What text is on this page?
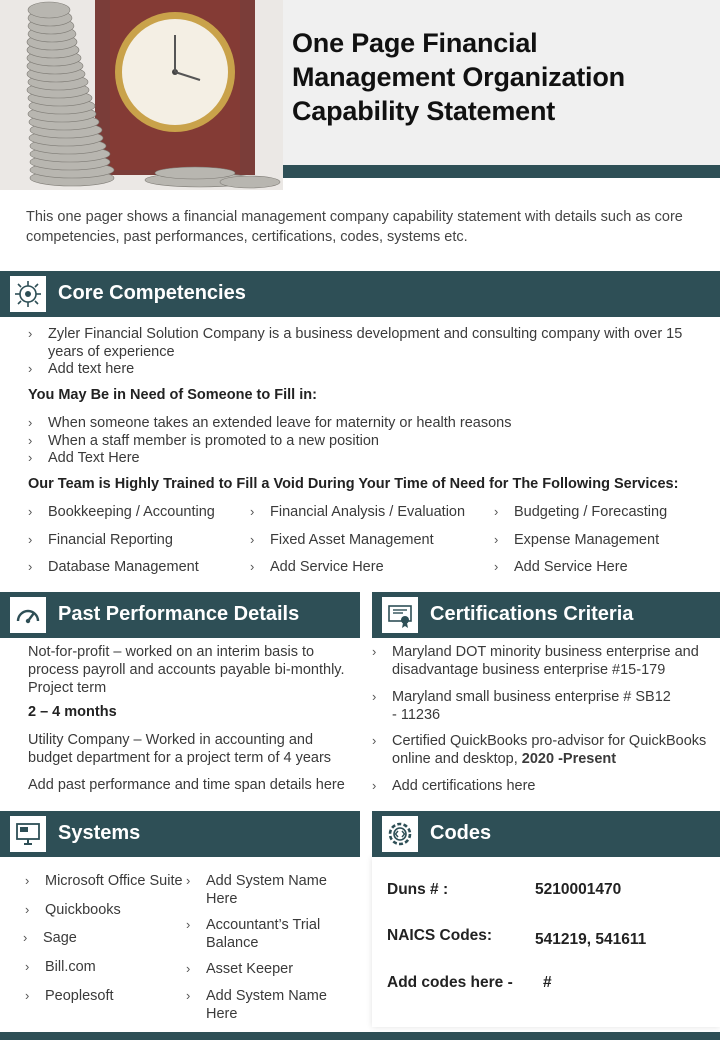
One Page Financial Management Organization Capability Statement
This one pager shows a financial management company capability statement with details such as core competencies, past performances, certifications, codes, systems etc.
Core Competencies
›	Zyler Financial Solution Company is a business development and consulting company with over 15 years of experience
›	Add text here
You May Be in Need of Someone to Fill in:
›	When someone takes an extended leave for maternity or health reasons
›	When a staff member is promoted to a new position
›	Add Text Here
Our Team is Highly Trained to Fill a Void During Your Time of Need for The Following Services:
›	Bookkeeping / Accounting	›	Financial Analysis / Evaluation	›	Budgeting / Forecasting
›	Financial Reporting	›	Fixed Asset Management	›	Expense Management
›	Database Management	›	Add Service Here	›	Add Service Here
Past Performance Details
Not-for-profit – worked on an interim basis to process payroll and accounts payable bi-monthly. Project term
2 – 4 months
Utility Company – Worked in accounting and budget department for a project term of 4 years
Add past performance and time span details here
Certifications Criteria
›	Maryland DOT minority business enterprise and disadvantage business enterprise #15-179
›	Maryland small business enterprise # SB12 - 11236
›	Certified QuickBooks pro-advisor for QuickBooks online and desktop, 2020 -Present
›	Add certifications here
Systems
›	Microsoft Office Suite
›	Quickbooks
›	Sage
›	Bill.com
›	Peoplesoft
›	Add System Name Here
›	Accountant’s Trial Balance
›	Asset Keeper
›	Add System Name Here
Codes
Duns # :	5210001470
NAICS Codes:	541219, 541611
Add codes here - #
